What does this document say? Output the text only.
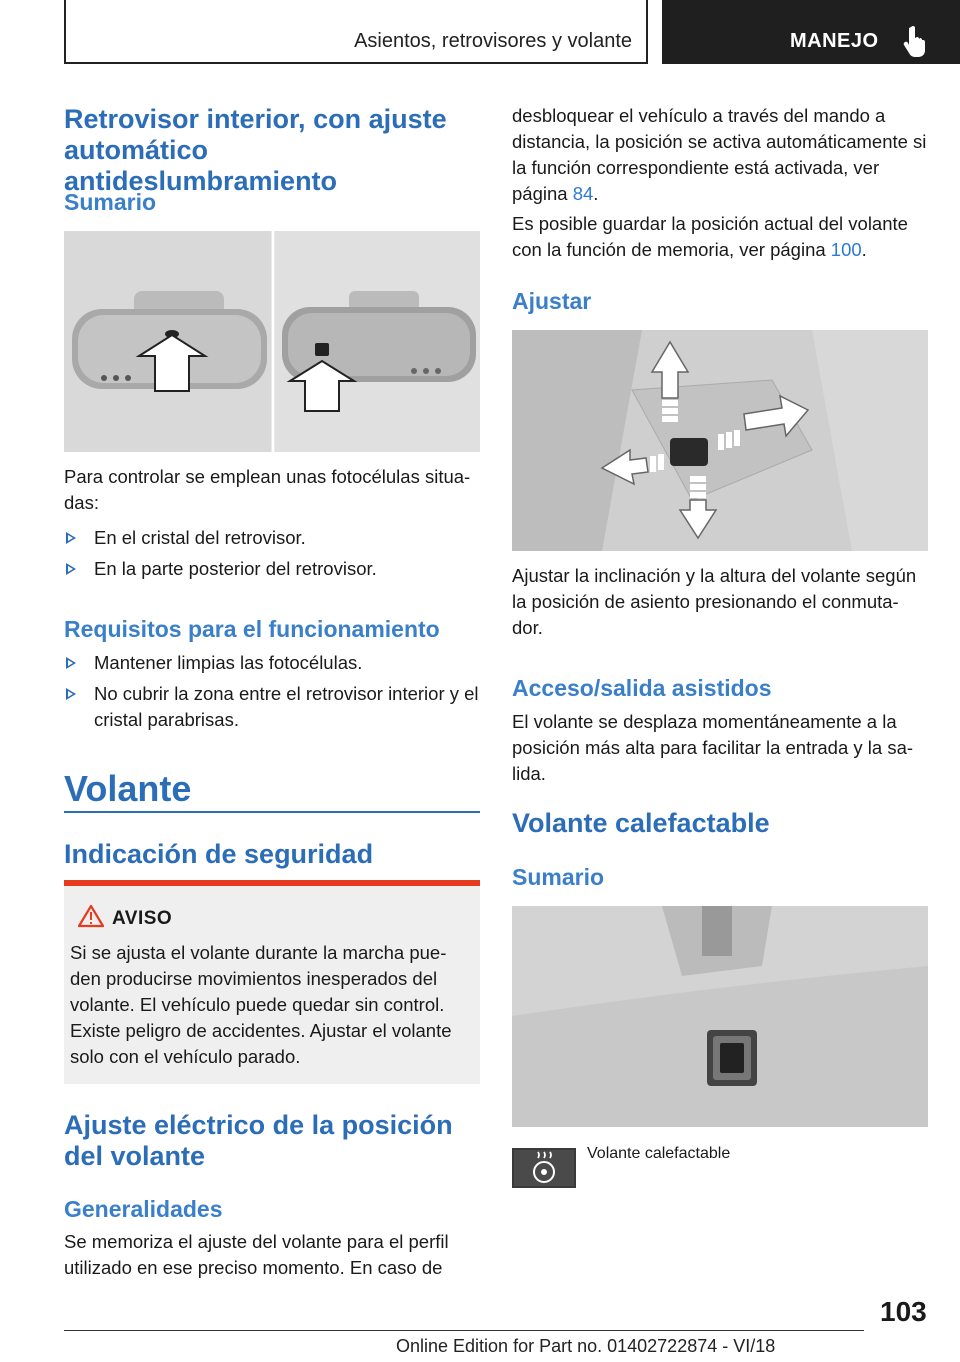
Asientos, retrovisores y volante	MANEJO
Retrovisor interior, con ajuste automático antideslumbramiento
Sumario

Para controlar se emplean unas fotocélulas situa-das:

En el cristal del retrovisor.
En la parte posterior del retrovisor.
Requisitos para el funcionamiento
Mantener limpias las fotocélulas.
No cubrir la zona entre el retrovisor interior y el cristal parabrisas.
Volante
Indicación de seguridad
AVISO
Si se ajusta el volante durante la marcha pue-den producirse movimientos inesperados del volante. El vehículo puede quedar sin control. Existe peligro de accidentes. Ajustar el volante solo con el vehículo parado.
Ajuste eléctrico de la posición del volante
Generalidades

Se memoriza el ajuste del volante para el perfil utilizado en ese preciso momento. En caso de

desbloquear el vehículo a través del mando a distancia, la posición se activa automáticamente si la función correspondiente está activada, ver página 84.

Es posible guardar la posición actual del volante con la función de memoria, ver página 100.

Ajustar

Ajustar la inclinación y la altura del volante según la posición de asiento presionando el conmuta-dor.

Acceso/salida asistidos

El volante se desplaza momentáneamente a la posición más alta para facilitar la entrada y la sa-lida.

Volante calefactable
Sumario
Volante calefactable
103
Online Edition for Part no. 01402722874 - VI/18
